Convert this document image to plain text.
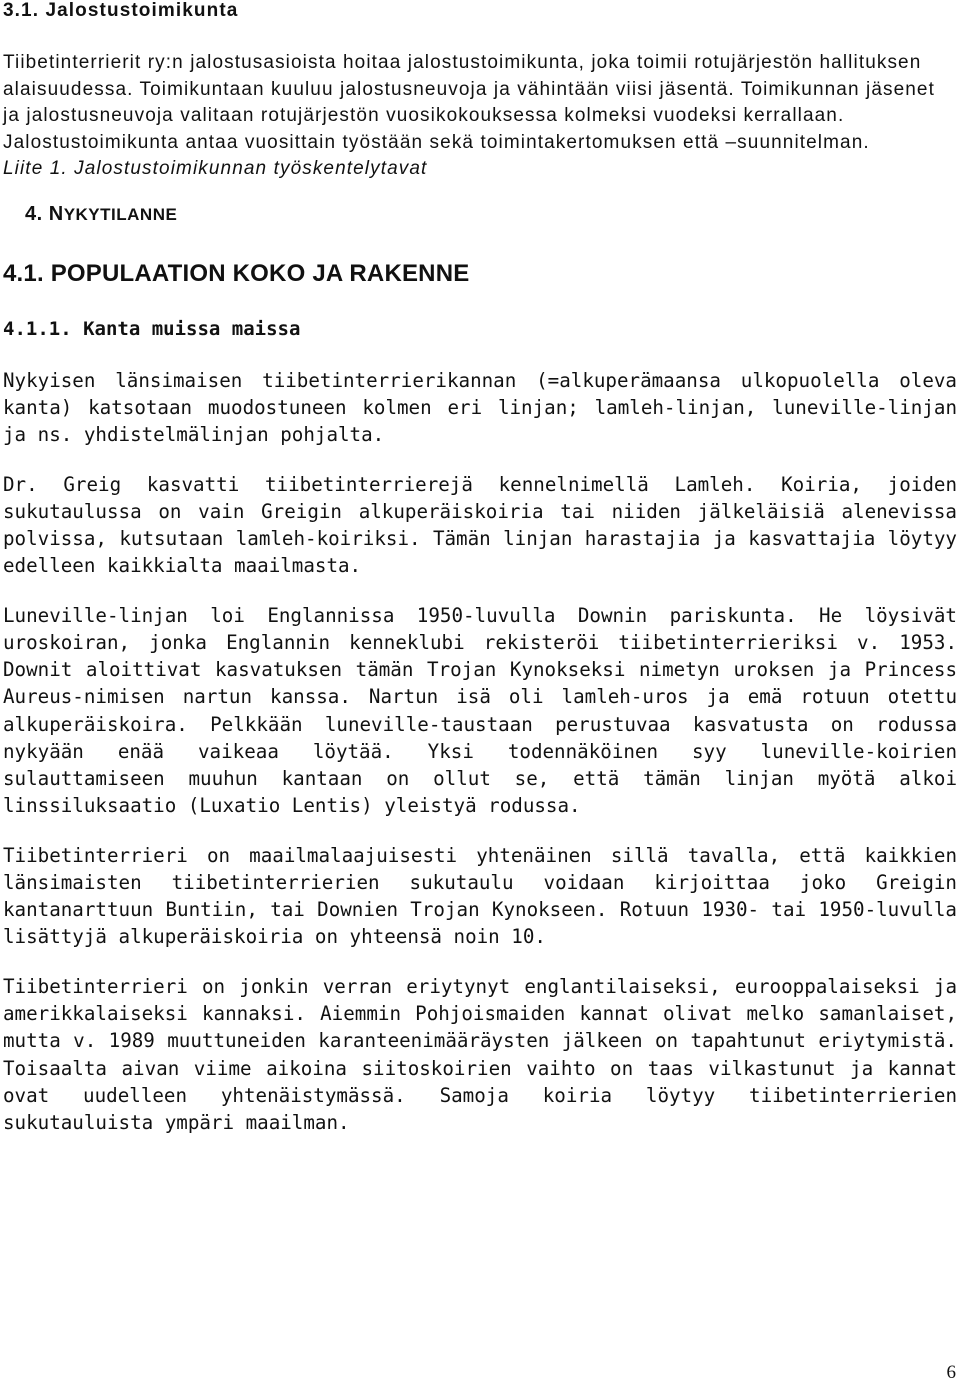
3.1. Jalostustoimikunta

Tiibetinterrierit ry:n jalostusasioista hoitaa jalostustoimikunta, joka toimii rotujärjestön hallituksen alaisuudessa. Toimikuntaan kuuluu jalostusneuvoja ja vähintään viisi jäsentä. Toimikunnan jäsenet ja jalostusneuvoja valitaan rotujärjestön vuosikokouksessa kolmeksi vuodeksi kerrallaan. Jalostustoimikunta antaa vuosittain työstään sekä toimintakertomuksen että –suunnitelman.
Liite 1. Jalostustoimikunnan työskentelytavat

4. NYKYTILANNE
4.1. POPULAATION KOKO JA RAKENNE
4.1.1. Kanta muissa maissa

Nykyisen länsimaisen tiibetinterrierikannan (=alkuperämaansa ulkopuolella oleva kanta) katsotaan muodostuneen kolmen eri linjan; lamleh-linjan, luneville-linjan ja ns. yhdistelmälinjan pohjalta.

Dr. Greig kasvatti tiibetinterrierejä kennelnimellä Lamleh. Koiria, joiden sukutaulussa on vain Greigin alkuperäiskoiria tai niiden jälkeläisiä alenevissa polvissa, kutsutaan lamleh-koiriksi. Tämän linjan harastajia ja kasvattajia löytyy edelleen kaikkialta maailmasta.

Luneville-linjan loi Englannissa 1950-luvulla Downin pariskunta. He löysivät uroskoiran, jonka Englannin kenneklubi rekisteröi tiibetinterrieriksi v. 1953. Downit aloittivat kasvatuksen tämän Trojan Kynokseksi nimetyn uroksen ja Princess Aureus-nimisen nartun kanssa. Nartun isä oli lamleh-uros ja emä rotuun otettu alkuperäiskoira. Pelkkään luneville-taustaan perustuvaa kasvatusta on rodussa nykyään enää vaikeaa löytää. Yksi todennäköinen syy luneville-koirien sulauttamiseen muuhun kantaan on ollut se, että tämän linjan myötä alkoi linssiluksaatio (Luxatio Lentis) yleistyä rodussa.

Tiibetinterrieri on maailmalaajuisesti yhtenäinen sillä tavalla, että kaikkien länsimaisten tiibetinterrierien sukutaulu voidaan kirjoittaa joko Greigin kantanarttuun Buntiin, tai Downien Trojan Kynokseen. Rotuun 1930- tai 1950-luvulla lisättyjä alkuperäiskoiria on yhteensä noin 10.

Tiibetinterrieri on jonkin verran eriytynyt englantilaiseksi, eurooppalaiseksi ja amerikkalaiseksi kannaksi. Aiemmin Pohjoismaiden kannat olivat melko samanlaiset, mutta v. 1989 muuttuneiden karanteenimääräysten jälkeen on tapahtunut eriytymistä. Toisaalta aivan viime aikoina siitoskoirien vaihto on taas vilkastunut ja kannat ovat uudelleen yhtenäistymässä. Samoja koiria löytyy tiibetinterrierien sukutauluista ympäri maailman.

6
